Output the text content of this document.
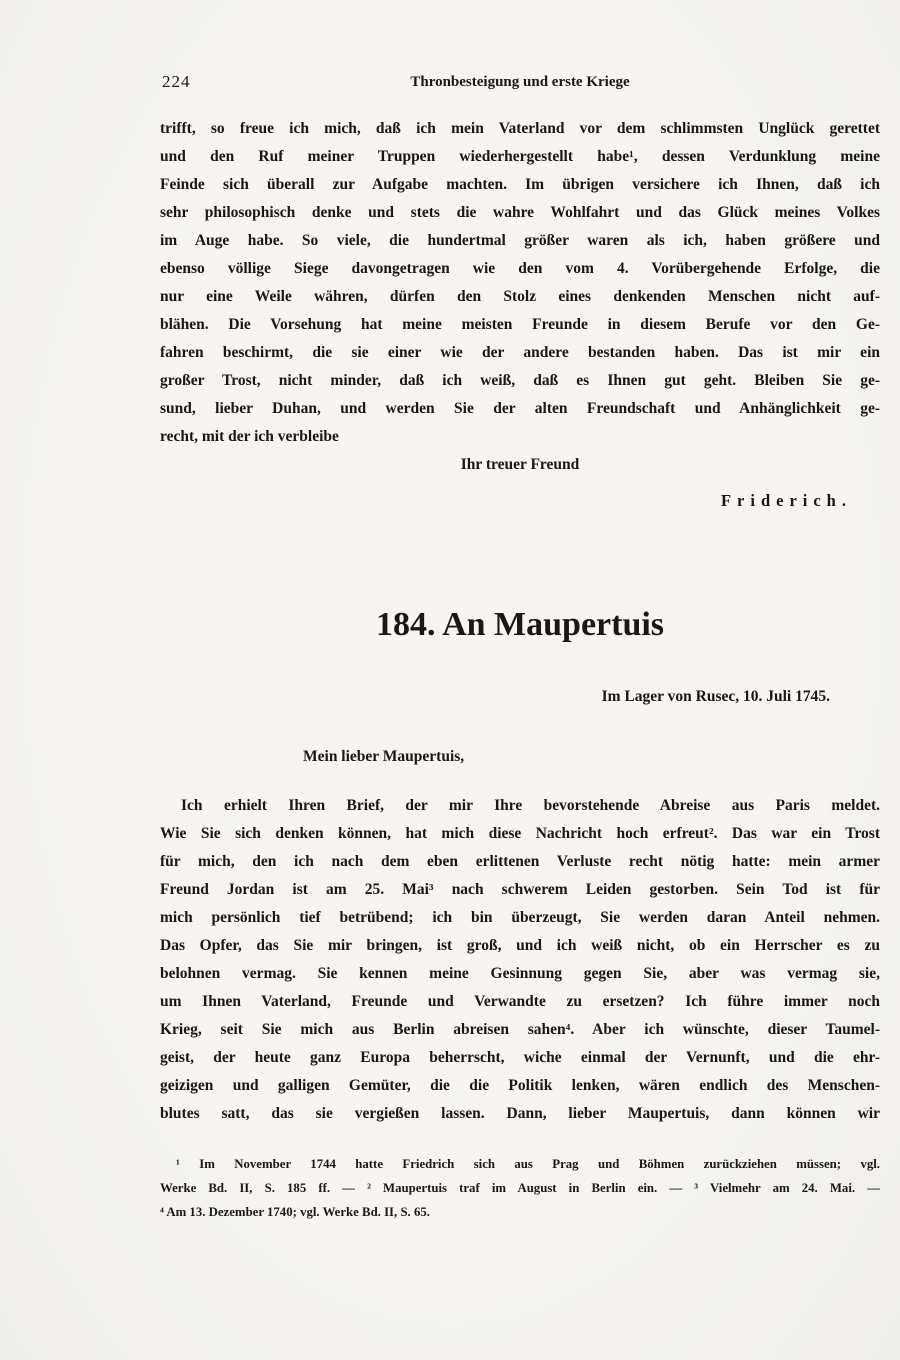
224	Thronbesteigung und erste Kriege
trifft, so freue ich mich, daß ich mein Vaterland vor dem schlimmsten Unglück gerettet
und den Ruf meiner Truppen wiederhergestellt habe¹, dessen Verdunklung meine
Feinde sich überall zur Aufgabe machten. Im übrigen versichere ich Ihnen, daß ich
sehr philosophisch denke und stets die wahre Wohlfahrt und das Glück meines Volkes
im Auge habe. So viele, die hundertmal größer waren als ich, haben größere und
ebenso völlige Siege davongetragen wie den vom 4. Vorübergehende Erfolge, die
nur eine Weile währen, dürfen den Stolz eines denkenden Menschen nicht auf-
blähen. Die Vorsehung hat meine meisten Freunde in diesem Berufe vor den Ge-
fahren beschirmt, die sie einer wie der andere bestanden haben. Das ist mir ein
großer Trost, nicht minder, daß ich weiß, daß es Ihnen gut geht. Bleiben Sie ge-
sund, lieber Duhan, und werden Sie der alten Freundschaft und Anhänglichkeit ge-
recht, mit der ich verbleibe
Ihr treuer Freund
Friderich.
184. An Maupertuis
Im Lager von Rusec, 10. Juli 1745.
Mein lieber Maupertuis,
Ich erhielt Ihren Brief, der mir Ihre bevorstehende Abreise aus Paris meldet.
Wie Sie sich denken können, hat mich diese Nachricht hoch erfreut². Das war ein Trost
für mich, den ich nach dem eben erlittenen Verluste recht nötig hatte: mein armer
Freund Jordan ist am 25. Mai³ nach schwerem Leiden gestorben. Sein Tod ist für
mich persönlich tief betrübend; ich bin überzeugt, Sie werden daran Anteil nehmen.
Das Opfer, das Sie mir bringen, ist groß, und ich weiß nicht, ob ein Herrscher es zu
belohnen vermag. Sie kennen meine Gesinnung gegen Sie, aber was vermag sie,
um Ihnen Vaterland, Freunde und Verwandte zu ersetzen? Ich führe immer noch
Krieg, seit Sie mich aus Berlin abreisen sahen⁴. Aber ich wünschte, dieser Taumel-
geist, der heute ganz Europa beherrscht, wiche einmal der Vernunft, und die ehr-
geizigen und galligen Gemüter, die die Politik lenken, wären endlich des Menschen-
blutes satt, das sie vergießen lassen. Dann, lieber Maupertuis, dann können wir
¹ Im November 1744 hatte Friedrich sich aus Prag und Böhmen zurückziehen müssen; vgl.
Werke Bd. II, S. 185 ff. — ² Maupertuis traf im August in Berlin ein. — ³ Vielmehr am 24. Mai. —
⁴ Am 13. Dezember 1740; vgl. Werke Bd. II, S. 65.
